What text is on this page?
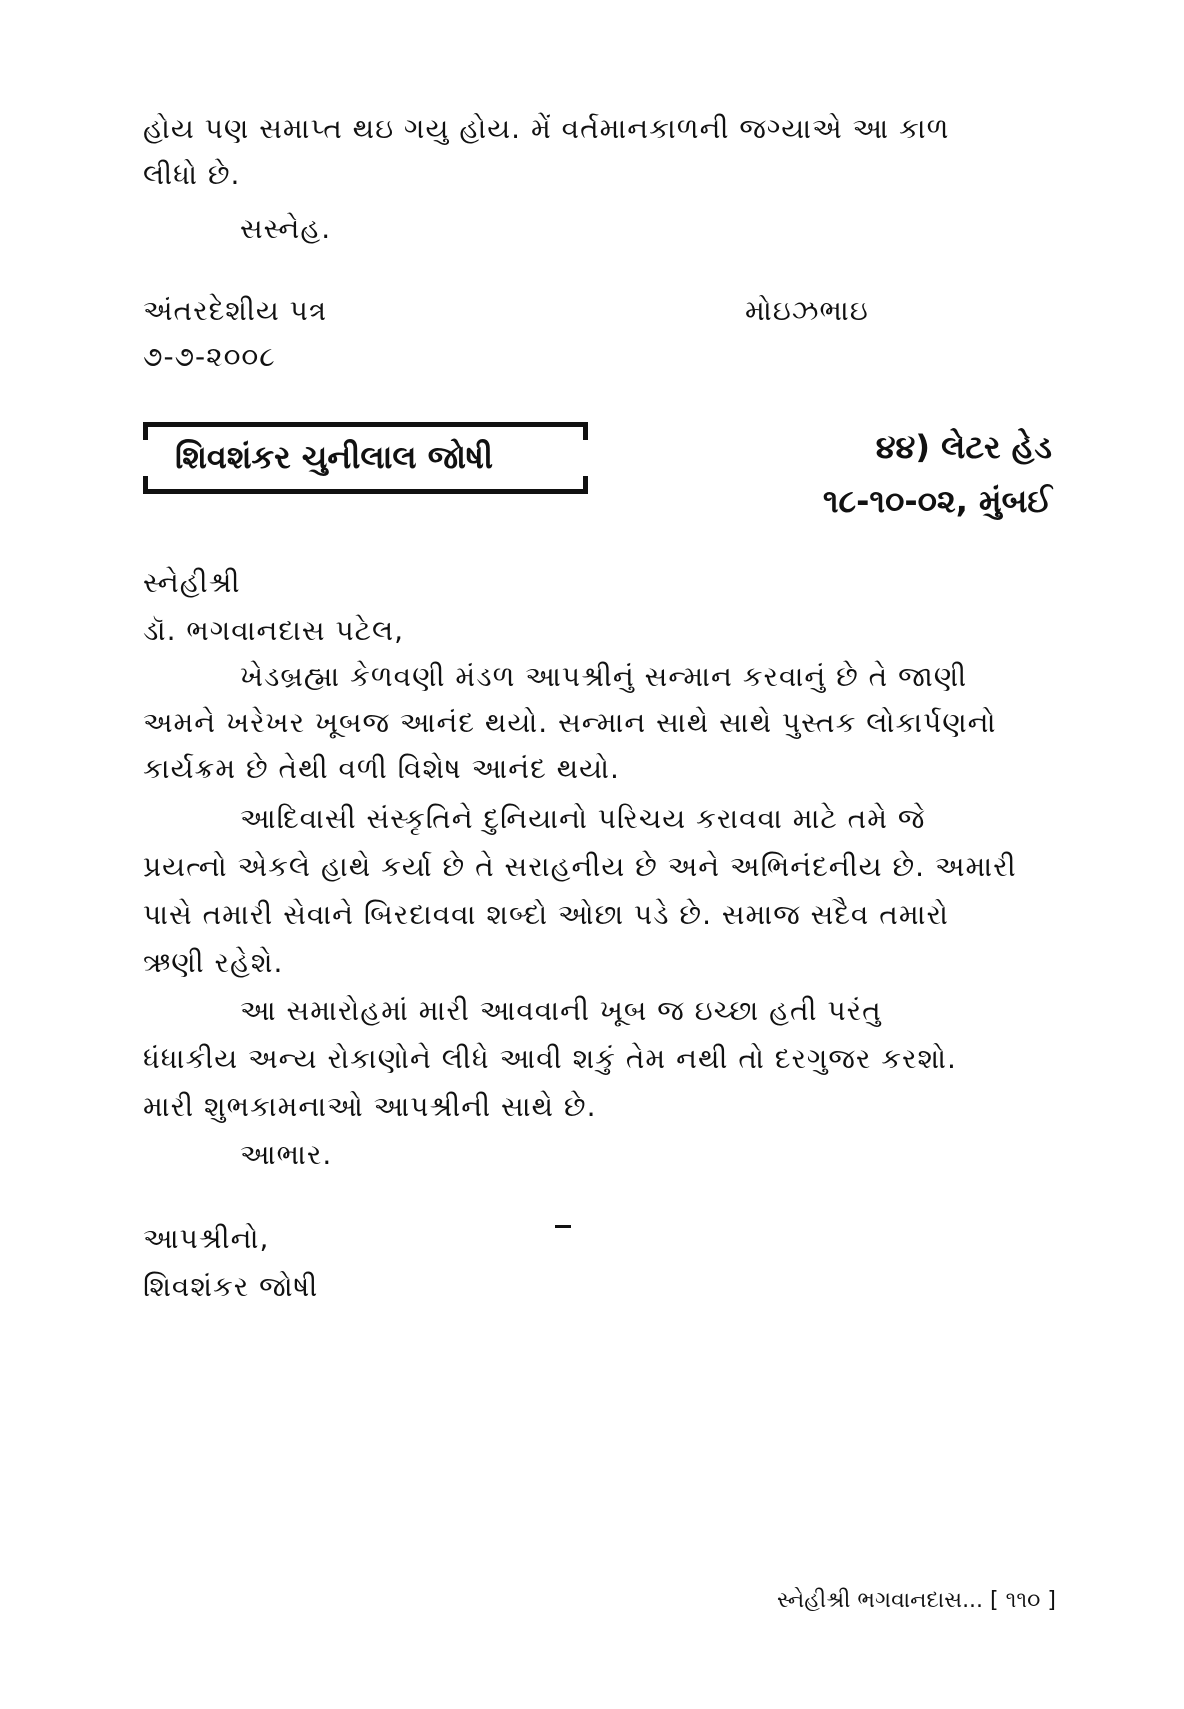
હોય પણ સમાપ્ત થઇ ગયુ હોય. મેં વર્તમાનકાળની જગ્યાએ આ કાળ
લીધો છે.
સસ્નેહ.
અંતરદેશીય પત્ર	મોઇઝભાઇ
૭-૭-૨૦૦૮
શિવશંકર ચુનીલાલ જોષી	૪૪) લેટર હેડ
૧૮-૧૦-૦૨, મુંબઈ
સ્નેહીશ્રી
ડૉ. ભગવાનદાસ પટેલ,
ખેડબ્રહ્મા કેળવણી મંડળ આપશ્રીનું સન્માન કરવાનું છે તે જાણી
અમને ખરેખર ખૂબજ આનંદ થયો. સન્માન સાથે સાથે પુસ્તક લોકાર્પણનો
કાર્યક્રમ છે તેથી વળી વિશેષ આનંદ થયો.
આદિવાસી સંસ્કૃતિને દુનિયાનો પરિચય કરાવવા માટે તમે જે
પ્રયત્નો એકલે હાથે કર્યા છે તે સરાહનીય છે અને અભિનંદનીય છે. અમારી
પાસે તમારી સેવાને બિરદાવવા શબ્દો ઓછા પડે છે. સમાજ સદૈવ તમારો
ઋણી રહેશે.
આ સમારોહમાં મારી આવવાની ખૂબ જ ઇચ્છા હતી પરંતુ
ધંધાકીય અન્ય રોકાણોને લીધે આવી શકું તેમ નથી તો દરગુજર કરશો.
મારી શુભકામનાઓ આપશ્રીની સાથે છે.
આભાર.
આપશ્રીનો,
શિવશંકર જોષી
સ્નેહીશ્રી ભગવાનદાસ... [ ૧૧૦ ]
